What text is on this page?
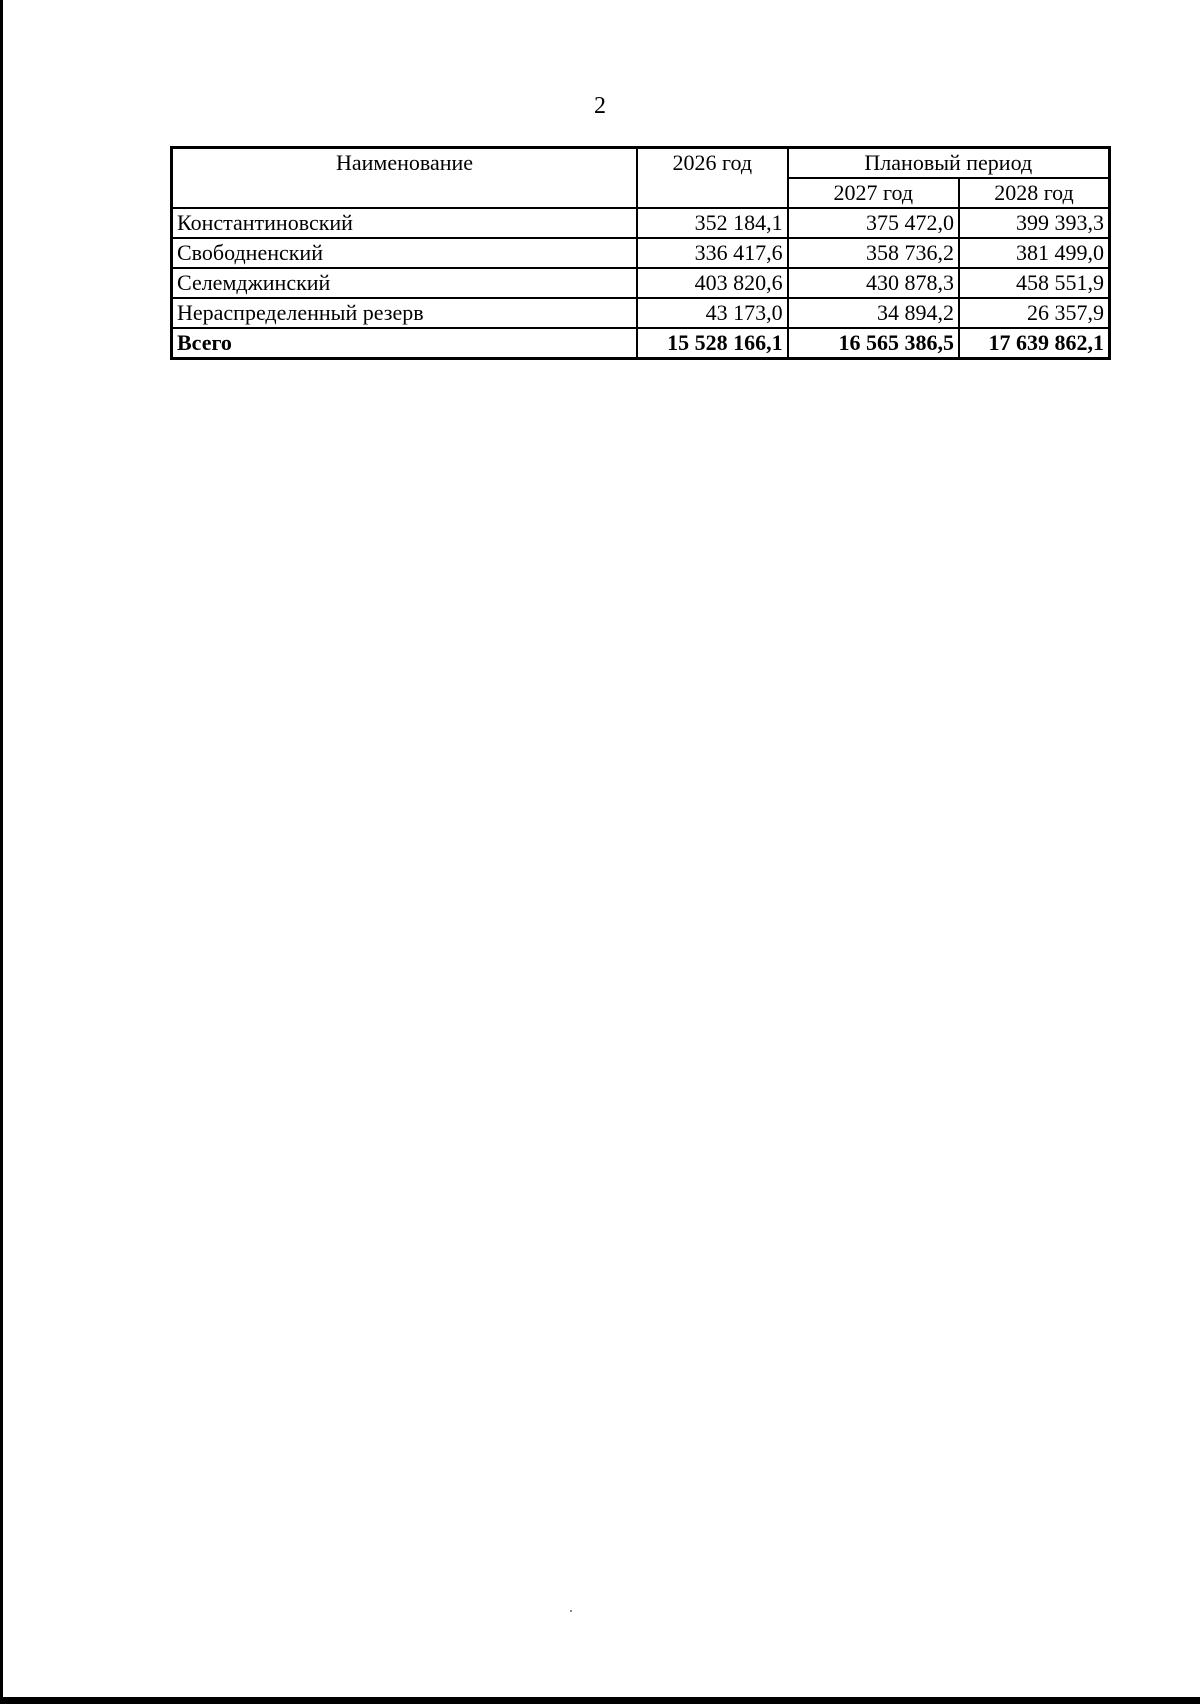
2
Наименование	2026 год	Плановый период	
		2027 год	2028 год
Константиновский	352 184,1	375 472,0	399 393,3
Свободненский	336 417,6	358 736,2	381 499,0
Селемджинский	403 820,6	430 878,3	458 551,9
Нераспределенный резерв	43 173,0	34 894,2	26 357,9
Всего	15 528 166,1	16 565 386,5	17 639 862,1
